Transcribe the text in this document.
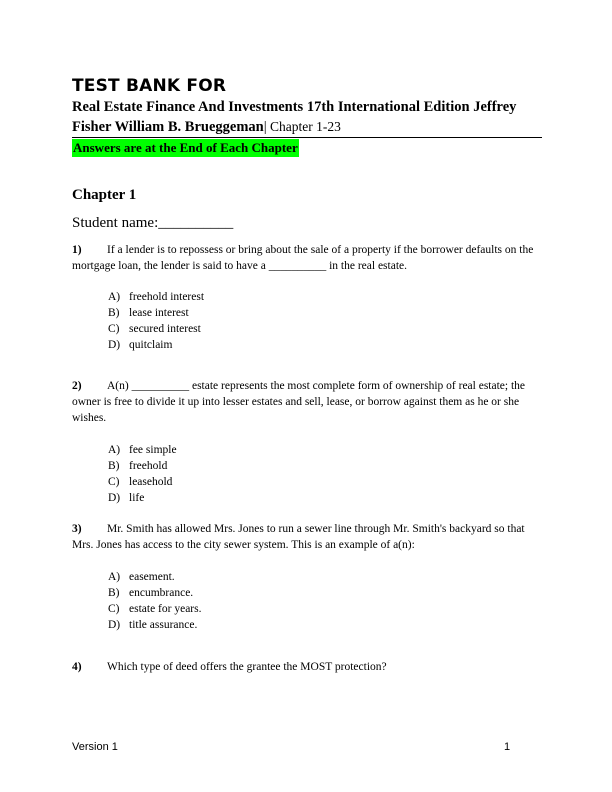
TEST BANK FOR
Real Estate Finance And Investments 17th International Edition Jeffrey Fisher William B. Brueggeman| Chapter 1-23
Answers are at the End of Each Chapter
Chapter 1
Student name:__________
1) If a lender is to repossess or bring about the sale of a property if the borrower defaults on the mortgage loan, the lender is said to have a __________ in the real estate.
A) freehold interest
B) lease interest
C) secured interest
D) quitclaim
2) A(n) __________ estate represents the most complete form of ownership of real estate; the owner is free to divide it up into lesser estates and sell, lease, or borrow against them as he or she wishes.
A) fee simple
B) freehold
C) leasehold
D) life
3) Mr. Smith has allowed Mrs. Jones to run a sewer line through Mr. Smith's backyard so that Mrs. Jones has access to the city sewer system. This is an example of a(n):
A) easement.
B) encumbrance.
C) estate for years.
D) title assurance.
4) Which type of deed offers the grantee the MOST protection?
Version 1	1
